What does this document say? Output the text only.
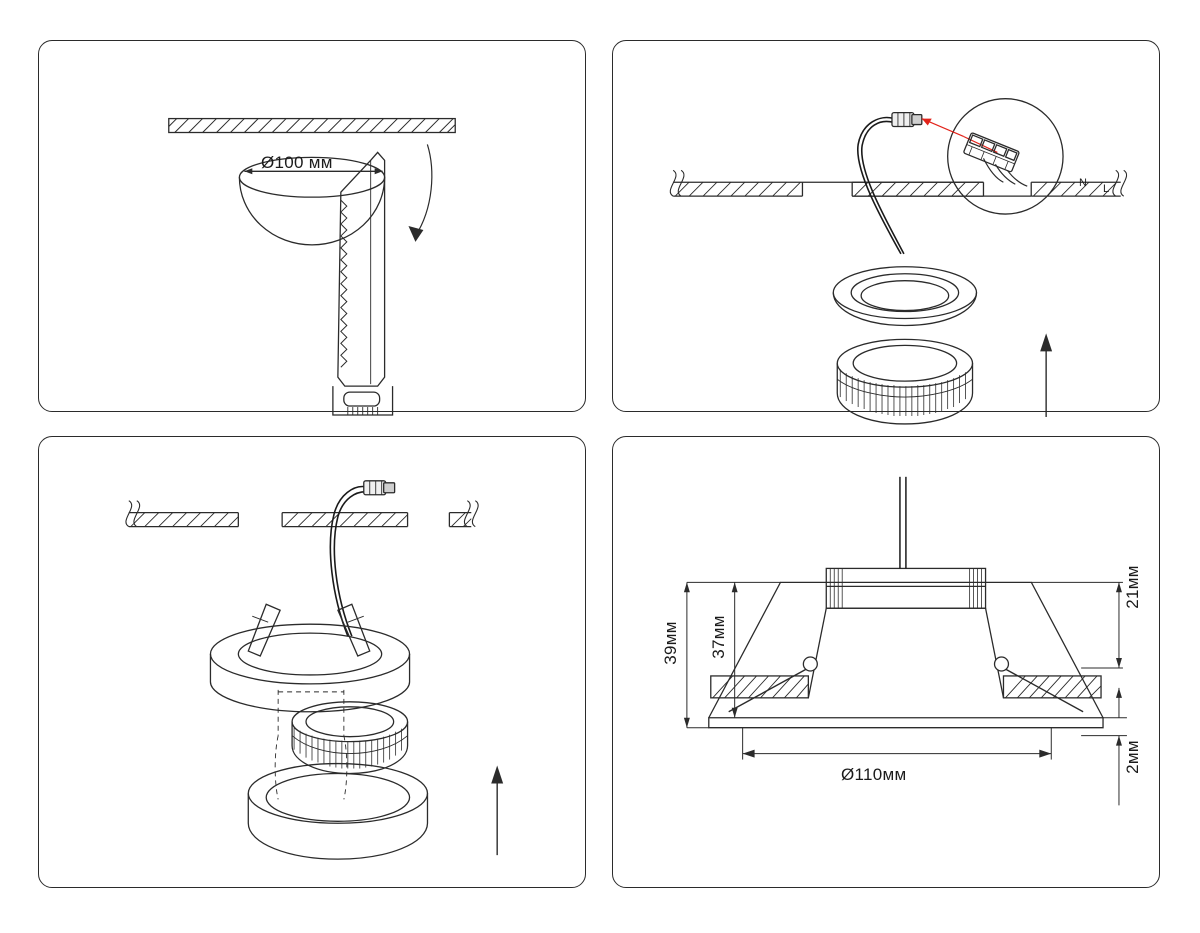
Ø100 мм
N L
39мм 37мм
21мм
2мм
Ø110мм
